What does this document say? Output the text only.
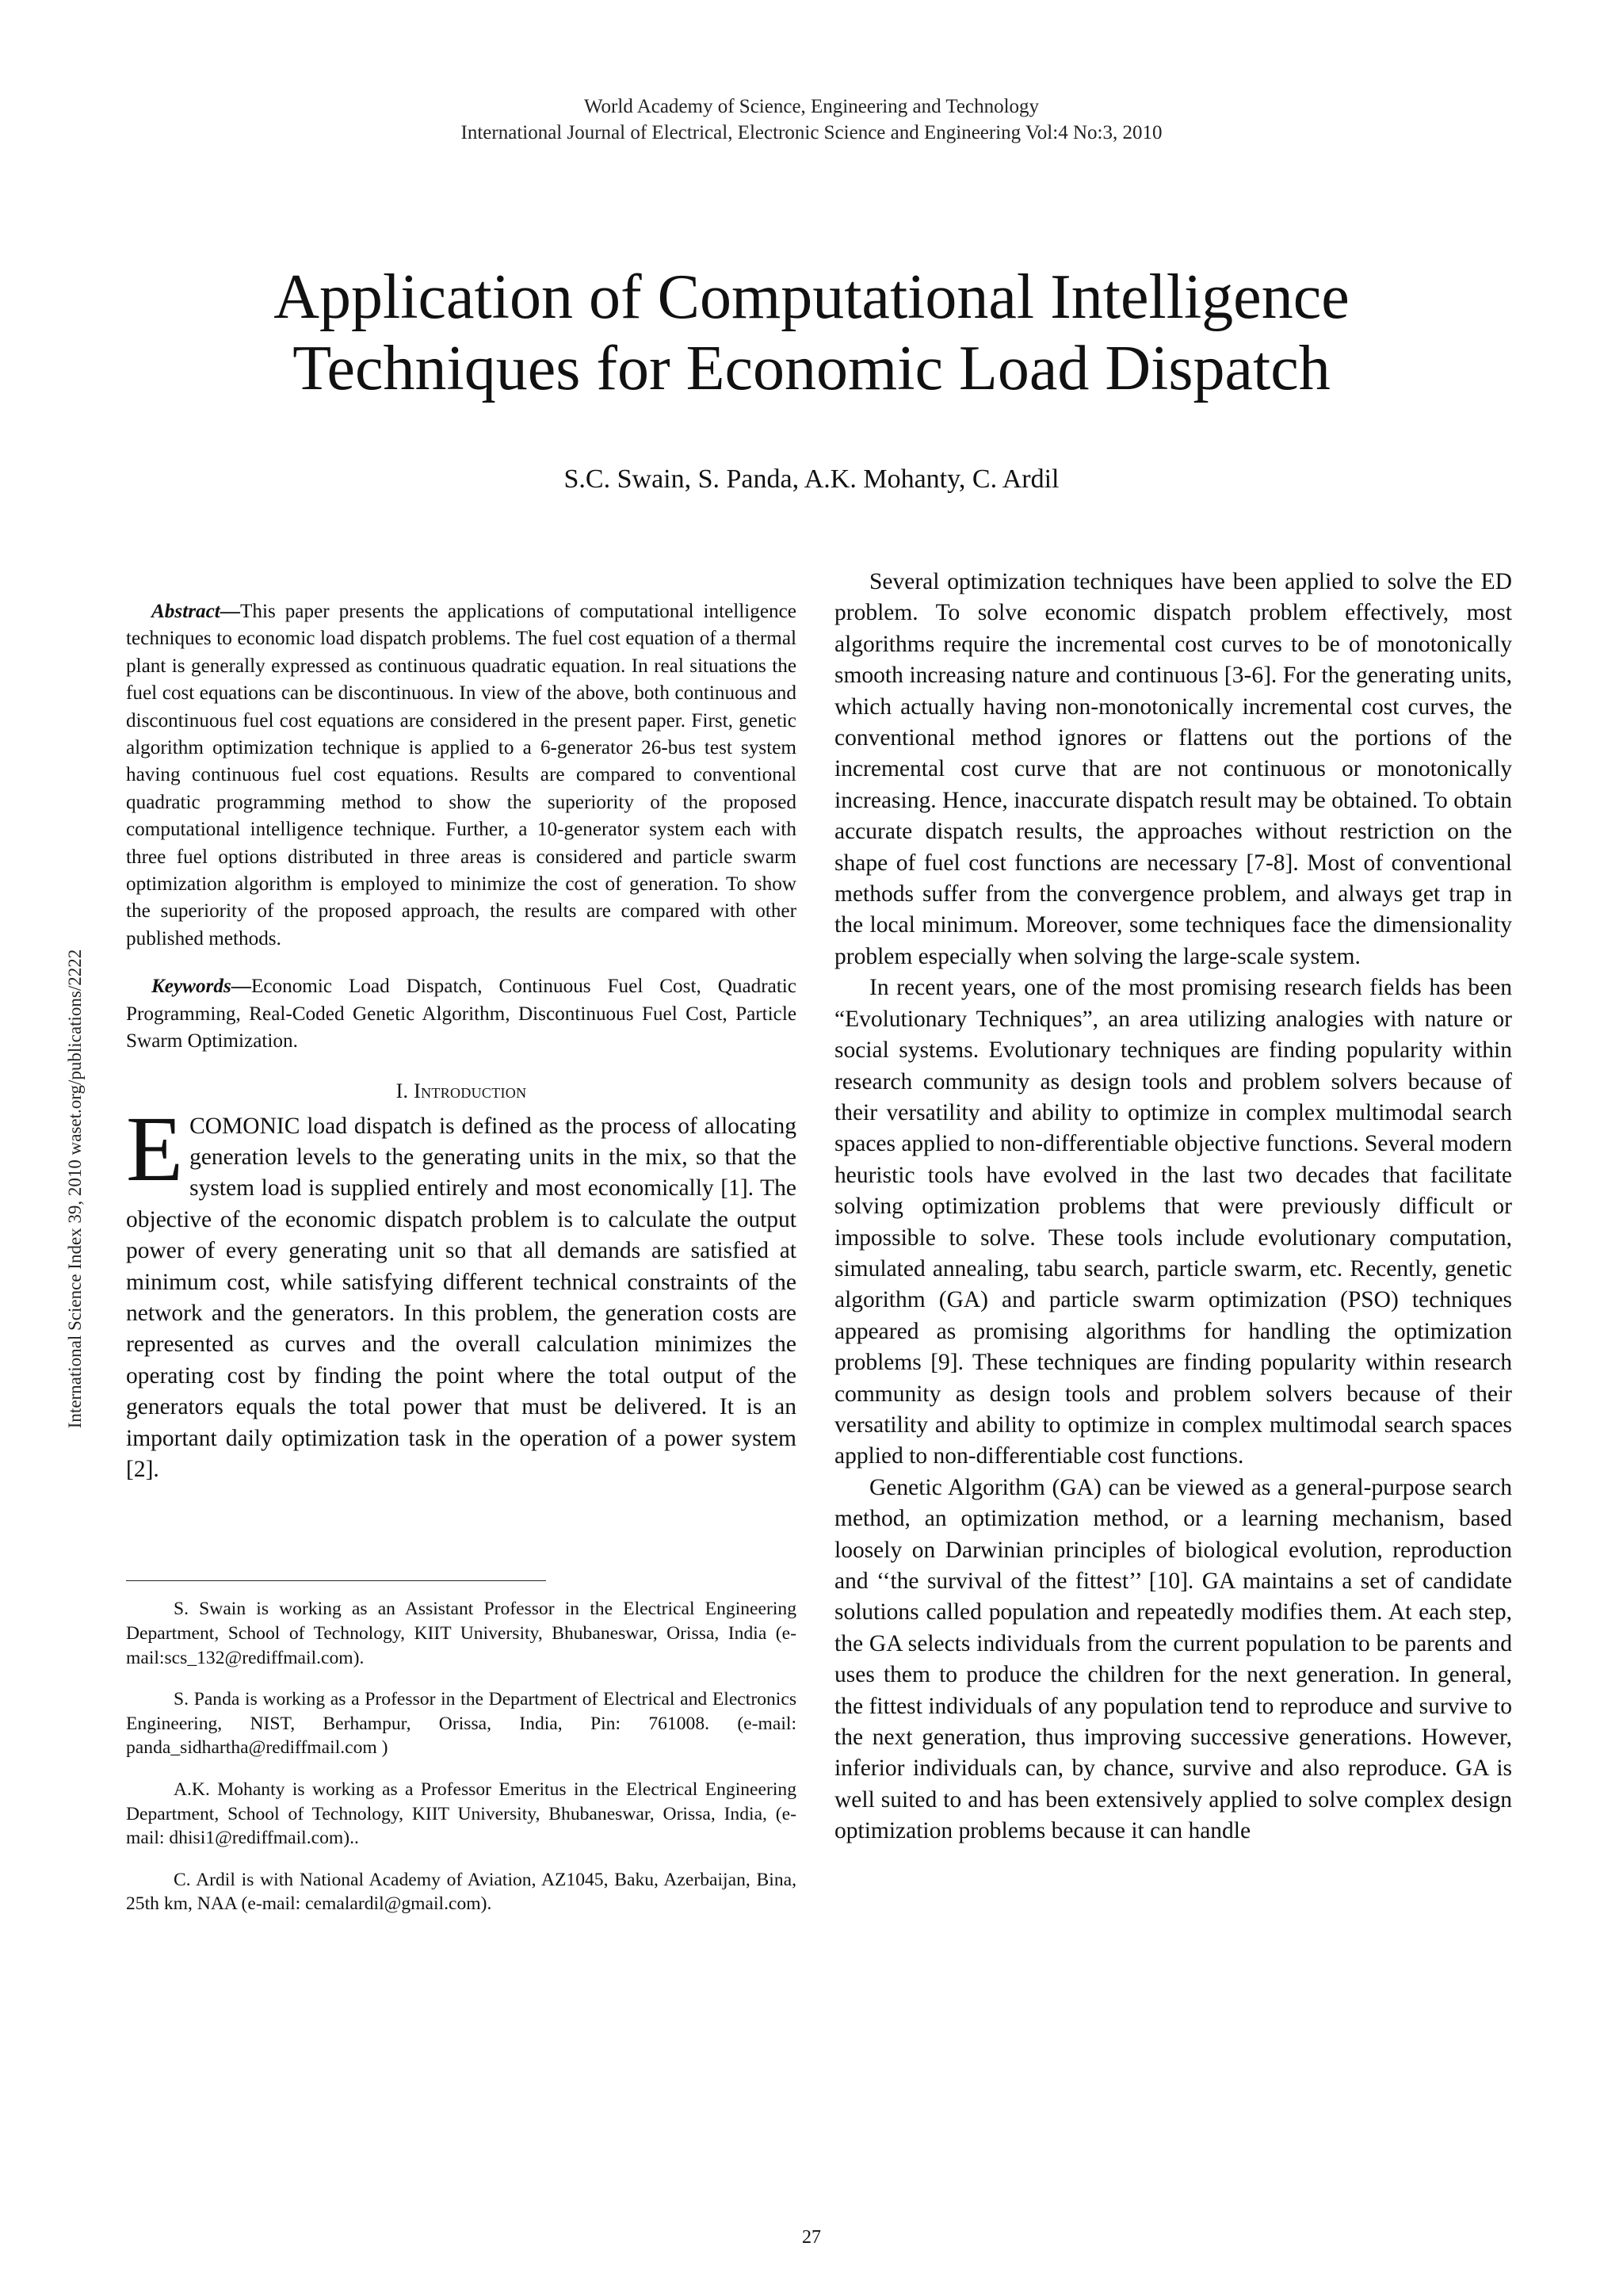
World Academy of Science, Engineering and Technology
International Journal of Electrical, Electronic Science and Engineering Vol:4 No:3, 2010
Application of Computational Intelligence
Techniques for Economic Load Dispatch
S.C. Swain, S. Panda, A.K. Mohanty, C. Ardil
International Science Index 39, 2010 waset.org/publications/2222

Abstract—This paper presents the applications of computational intelligence techniques to economic load dispatch problems. The fuel cost equation of a thermal plant is generally expressed as continuous quadratic equation. In real situations the fuel cost equations can be discontinuous. In view of the above, both continuous and discontinuous fuel cost equations are considered in the present paper. First, genetic algorithm optimization technique is applied to a 6-generator 26-bus test system having continuous fuel cost equations. Results are compared to conventional quadratic programming method to show the superiority of the proposed computational intelligence technique. Further, a 10-generator system each with three fuel options distributed in three areas is considered and particle swarm optimization algorithm is employed to minimize the cost of generation. To show the superiority of the proposed approach, the results are compared with other published methods.

Keywords—Economic Load Dispatch, Continuous Fuel Cost, Quadratic Programming, Real-Coded Genetic Algorithm, Discontinuous Fuel Cost, Particle Swarm Optimization.

I. Introduction

ECOMONIC load dispatch is defined as the process of allocating generation levels to the generating units in the mix, so that the system load is supplied entirely and most economically [1]. The objective of the economic dispatch problem is to calculate the output power of every generating unit so that all demands are satisfied at minimum cost, while satisfying different technical constraints of the network and the generators. In this problem, the generation costs are represented as curves and the overall calculation minimizes the operating cost by finding the point where the total output of the generators equals the total power that must be delivered. It is an important daily optimization task in the operation of a power system [2].

S. Swain is working as an Assistant Professor in the Electrical Engineering Department, School of Technology, KIIT University, Bhubaneswar, Orissa, India (e-mail:scs_132@rediffmail.com).

S. Panda is working as a Professor in the Department of Electrical and Electronics Engineering, NIST, Berhampur, Orissa, India, Pin: 761008. (e-mail: panda_sidhartha@rediffmail.com )

A.K. Mohanty is working as a Professor Emeritus in the Electrical Engineering Department, School of Technology, KIIT University, Bhubaneswar, Orissa, India, (e-mail: dhisi1@rediffmail.com)..

C. Ardil is with National Academy of Aviation, AZ1045, Baku, Azerbaijan, Bina, 25th km, NAA (e-mail: cemalardil@gmail.com).

Several optimization techniques have been applied to solve the ED problem. To solve economic dispatch problem effectively, most algorithms require the incremental cost curves to be of monotonically smooth increasing nature and continuous [3-6]. For the generating units, which actually having non-monotonically incremental cost curves, the conventional method ignores or flattens out the portions of the incremental cost curve that are not continuous or monotonically increasing. Hence, inaccurate dispatch result may be obtained. To obtain accurate dispatch results, the approaches without restriction on the shape of fuel cost functions are necessary [7-8]. Most of conventional methods suffer from the convergence problem, and always get trap in the local minimum. Moreover, some techniques face the dimensionality problem especially when solving the large-scale system.

In recent years, one of the most promising research fields has been “Evolutionary Techniques”, an area utilizing analogies with nature or social systems. Evolutionary techniques are finding popularity within research community as design tools and problem solvers because of their versatility and ability to optimize in complex multimodal search spaces applied to non-differentiable objective functions. Several modern heuristic tools have evolved in the last two decades that facilitate solving optimization problems that were previously difficult or impossible to solve. These tools include evolutionary computation, simulated annealing, tabu search, particle swarm, etc. Recently, genetic algorithm (GA) and particle swarm optimization (PSO) techniques appeared as promising algorithms for handling the optimization problems [9]. These techniques are finding popularity within research community as design tools and problem solvers because of their versatility and ability to optimize in complex multimodal search spaces applied to non-differentiable cost functions.

Genetic Algorithm (GA) can be viewed as a general-purpose search method, an optimization method, or a learning mechanism, based loosely on Darwinian principles of biological evolution, reproduction and ‘‘the survival of the fittest’’ [10]. GA maintains a set of candidate solutions called population and repeatedly modifies them. At each step, the GA selects individuals from the current population to be parents and uses them to produce the children for the next generation. In general, the fittest individuals of any population tend to reproduce and survive to the next generation, thus improving successive generations. However, inferior individuals can, by chance, survive and also reproduce. GA is well suited to and has been extensively applied to solve complex design optimization problems because it can handle

27
